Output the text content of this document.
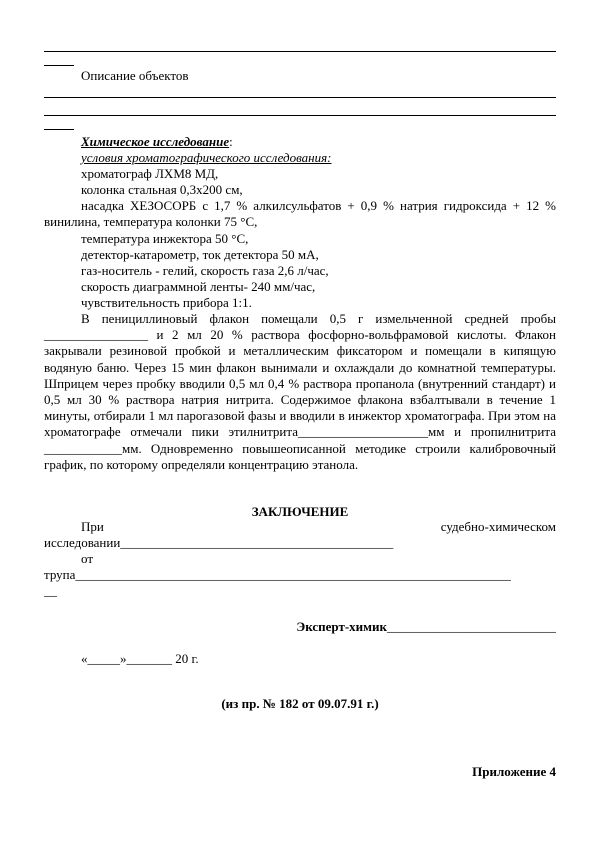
Описание объектов
Химическое исследование:
условия хроматографического исследования:
хроматограф ЛХМ8 МД,
колонка стальная 0,3х200 см,
насадка ХЕЗОСОРБ с 1,7 % алкилсульфатов + 0,9 % натрия гидроксида + 12 % винилина, температура колонки 75 °С,
температура инжектора 50 °С,
детектор-катарометр, ток детектора 50 мА,
газ-носитель - гелий, скорость газа 2,6 л/час,
скорость диаграммной ленты- 240 мм/час,
чувствительность прибора 1:1.
В пенициллиновый флакон помещали 0,5 г измельченной средней пробы ________________ и 2 мл 20 % раствора фосфорно-вольфрамовой кислоты. Флакон закрывали резиновой пробкой и металлическим фиксатором и помещали в кипящую водяную баню. Через 15 мин флакон вынимали и охлаждали до комнатной температуры. Шприцем через пробку вводили 0,5 мл 0,4 % раствора пропанола (внутренний стандарт) и 0,5 мл 30 % раствора натрия нитрита. Содержимое флакона взбалтывали в течение 1 минуты, отбирали 1 мл парогазовой фазы и вводили в инжектор хроматографа. При этом на хроматографе отмечали пики этилнитрита____________________мм и пропилнитрита ____________мм. Одновременно повышеописанной методике строили калибровочный график, по которому определяли концентрацию этанола.
ЗАКЛЮЧЕНИЕ
При	судебно-химическом
исследовании__________________________________________
от
трупа___________________________________________________________________
__
Эксперт-химик__________________________
«_____»_______ 20 г.
(из пр. № 182 от 09.07.91 г.)
Приложение 4
